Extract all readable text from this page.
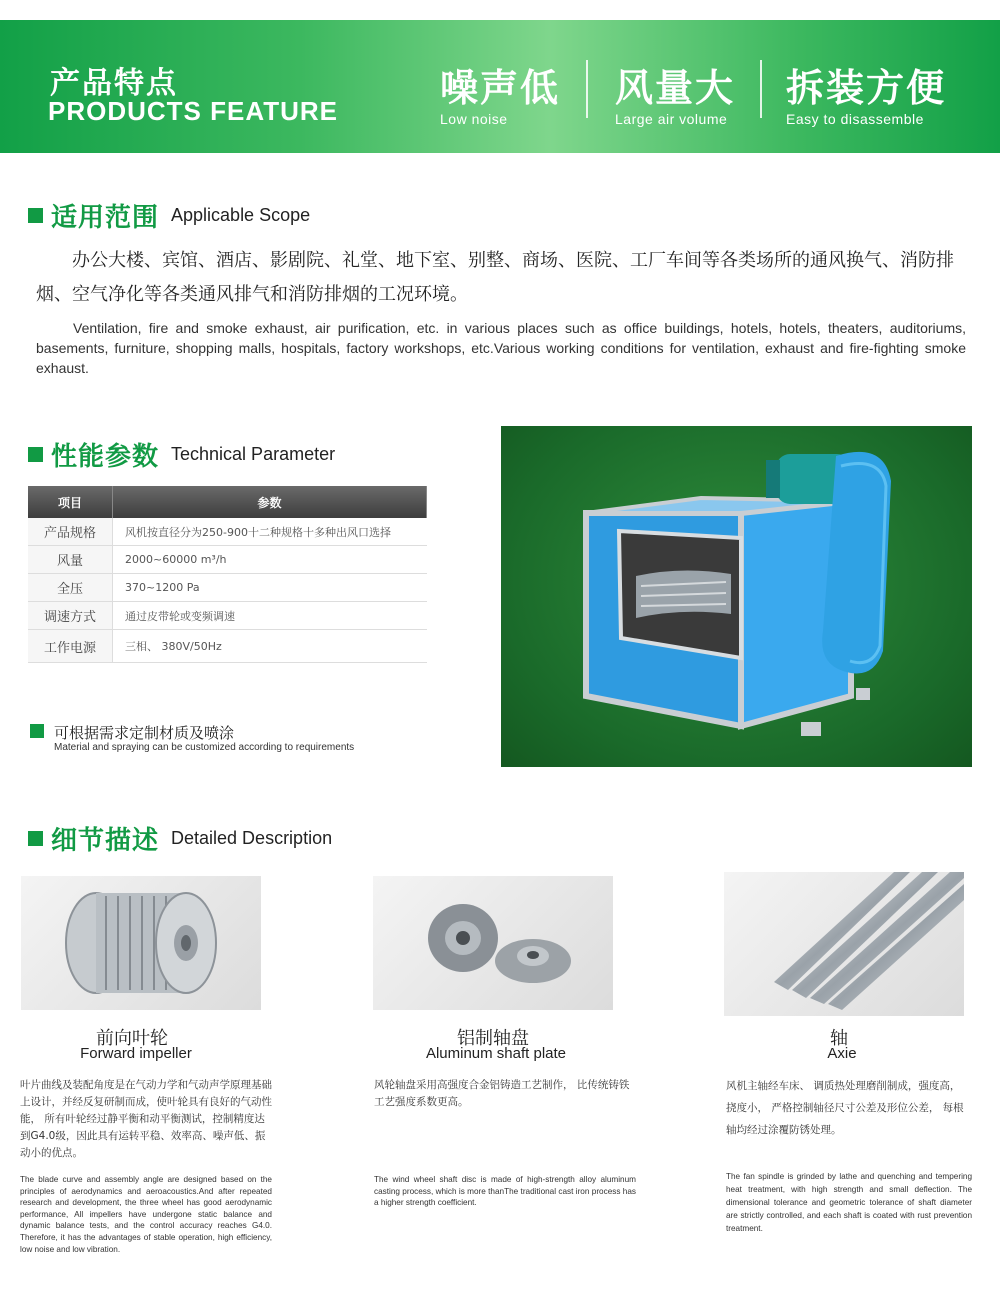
产品特点
PRODUCTS FEATURE
噪声低
Low noise
风量大
Large air volume
拆装方便
Easy to disassemble
适用范围 Applicable Scope
办公大楼、宾馆、酒店、影剧院、礼堂、地下室、别整、商场、医院、工厂车间等各类场所的通风换气、消防排烟、空气净化等各类通风排气和消防排烟的工况环境。
Ventilation, fire and smoke exhaust, air purification, etc. in various places such as office buildings, hotels, hotels, theaters, auditoriums, basements, furniture, shopping malls, hospitals, factory workshops, etc.Various working conditions for ventilation, exhaust and fire-fighting smoke exhaust.
性能参数 Technical Parameter
项目	参数
产品规格	风机按直径分为250-900十二种规格十多种出风口选择
风量	2000~60000 m³/h
全压	370~1200 Pa
调速方式	通过皮带轮或变频调速
工作电源	三相、 380V/50Hz
可根据需求定制材质及喷涂
Material and spraying can be customized according to requirements
细节描述 Detailed Description
前向叶轮
Forward impeller
叶片曲线及装配角度是在气动力学和气动声学原理基础上设计，并经反复研制而成，使叶轮具有良好的气动性能， 所有叶轮经过静平衡和动平衡测试，控制精度达到G4.0级，因此具有运转平稳、效率高、噪声低、振动小的优点。
The blade curve and assembly angle are designed based on the principles of aerodynamics and aeroacoustics.And after repeated research and development, the three wheel has good aerodynamic performance, All impellers have undergone static balance and dynamic balance tests, and the control accuracy reaches G4.0. Therefore, it has the advantages of stable operation, high efficiency, low noise and low vibration.
铝制轴盘
Aluminum shaft plate
风轮轴盘采用高强度合金铝铸造工艺制作， 比传统铸铁工艺强度系数更高。
The wind wheel shaft disc is made of high-strength alloy aluminum casting process, which is more thanThe traditional cast iron process has a higher strength coefficient.
轴
Axie
风机主轴经车床、 调质热处理磨削制成，强度高， 挠度小， 严格控制轴径尺寸公差及形位公差， 每根轴均经过涂覆防锈处理。
The fan spindle is grinded by lathe and quenching and tempering heat treatment, with high strength and small deflection. The dimensional tolerance and geometric tolerance of shaft diameter are strictly controlled, and each shaft is coated with rust prevention treatment.
